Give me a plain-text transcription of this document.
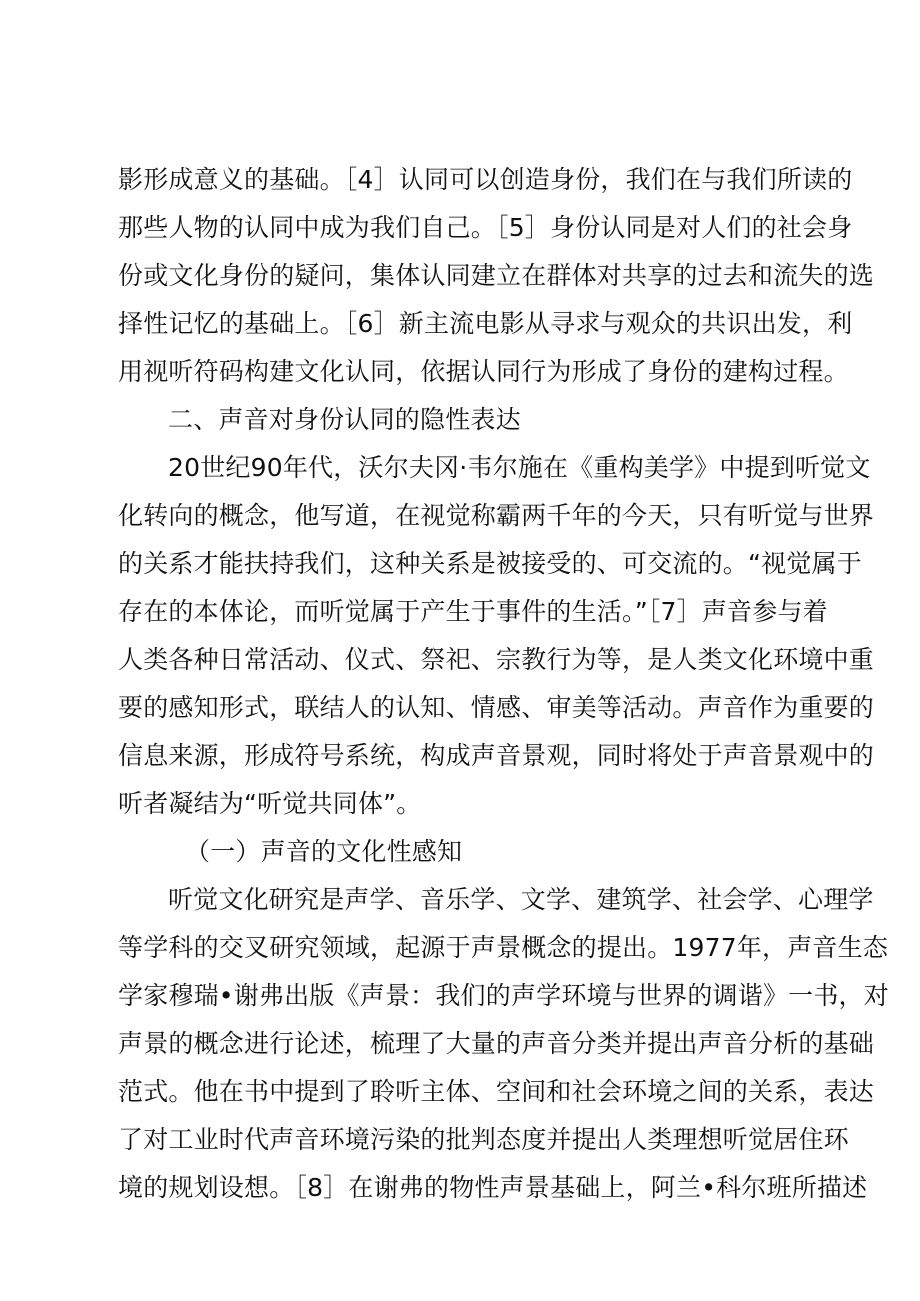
影形成意义的基础。［4］认同可以创造身份，我们在与我们所读的
那些人物的认同中成为我们自己。［5］身份认同是对人们的社会身
份或文化身份的疑问，集体认同建立在群体对共享的过去和流失的选
择性记忆的基础上。［6］新主流电影从寻求与观众的共识出发，利
用视听符码构建文化认同，依据认同行为形成了身份的建构过程。
二、声音对身份认同的隐性表达
20世纪90年代，沃尔夫冈·韦尔施在《重构美学》中提到听觉文
化转向的概念，他写道，在视觉称霸两千年的今天，只有听觉与世界
的关系才能扶持我们，这种关系是被接受的、可交流的。“视觉属于
存在的本体论，而听觉属于产生于事件的生活。”［7］声音参与着
人类各种日常活动、仪式、祭祀、宗教行为等，是人类文化环境中重
要的感知形式，联结人的认知、情感、审美等活动。声音作为重要的
信息来源，形成符号系统，构成声音景观，同时将处于声音景观中的
听者凝结为“听觉共同体”。
（一）声音的文化性感知
听觉文化研究是声学、音乐学、文学、建筑学、社会学、心理学
等学科的交叉研究领域，起源于声景概念的提出。1977年，声音生态
学家穆瑞•谢弗出版《声景：我们的声学环境与世界的调谐》一书，对
声景的概念进行论述，梳理了大量的声音分类并提出声音分析的基础
范式。他在书中提到了聆听主体、空间和社会环境之间的关系，表达
了对工业时代声音环境污染的批判态度并提出人类理想听觉居住环
境的规划设想。［8］在谢弗的物性声景基础上，阿兰•科尔班所描述
